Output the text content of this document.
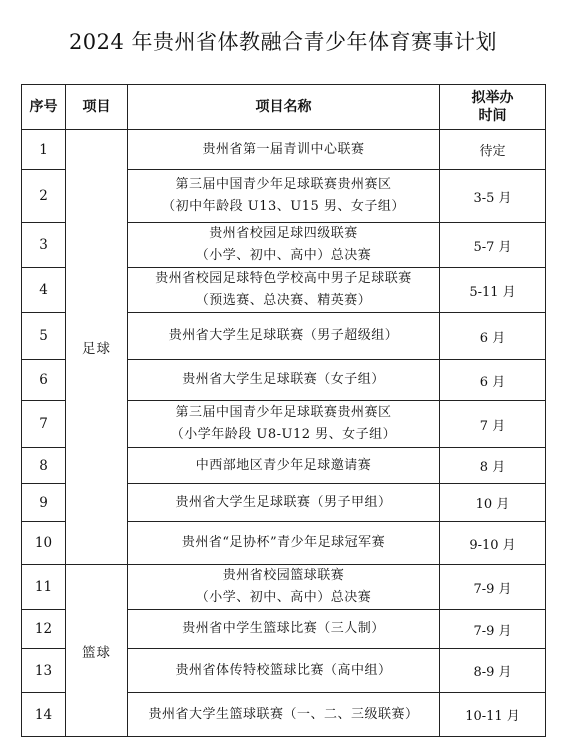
2024 年贵州省体教融合青少年体育赛事计划
序号	项目	项目名称	拟举办
时间

1	足球	贵州省第一届青训中心联赛	待定
2		第三届中国青少年足球联赛贵州赛区
（初中年龄段 U13、U15 男、女子组）	3-5 月
3		贵州省校园足球四级联赛
（小学、初中、高中）总决赛	5-7 月
4		贵州省校园足球特色学校高中男子足球联赛
（预选赛、总决赛、精英赛）	5-11 月
5		贵州省大学生足球联赛（男子超级组）	6 月
6		贵州省大学生足球联赛（女子组）	6 月
7		第三届中国青少年足球联赛贵州赛区
（小学年龄段 U8-U12 男、女子组）	7 月
8		中西部地区青少年足球邀请赛	8 月
9		贵州省大学生足球联赛（男子甲组）	10 月
10		贵州省“足协杯”青少年足球冠军赛	9-10 月
11	篮球	贵州省校园篮球联赛
（小学、初中、高中）总决赛	7-9 月
12		贵州省中学生篮球比赛（三人制）	7-9 月
13		贵州省体传特校篮球比赛（高中组）	8-9 月
14		贵州省大学生篮球联赛（一、二、三级联赛）	10-11 月
